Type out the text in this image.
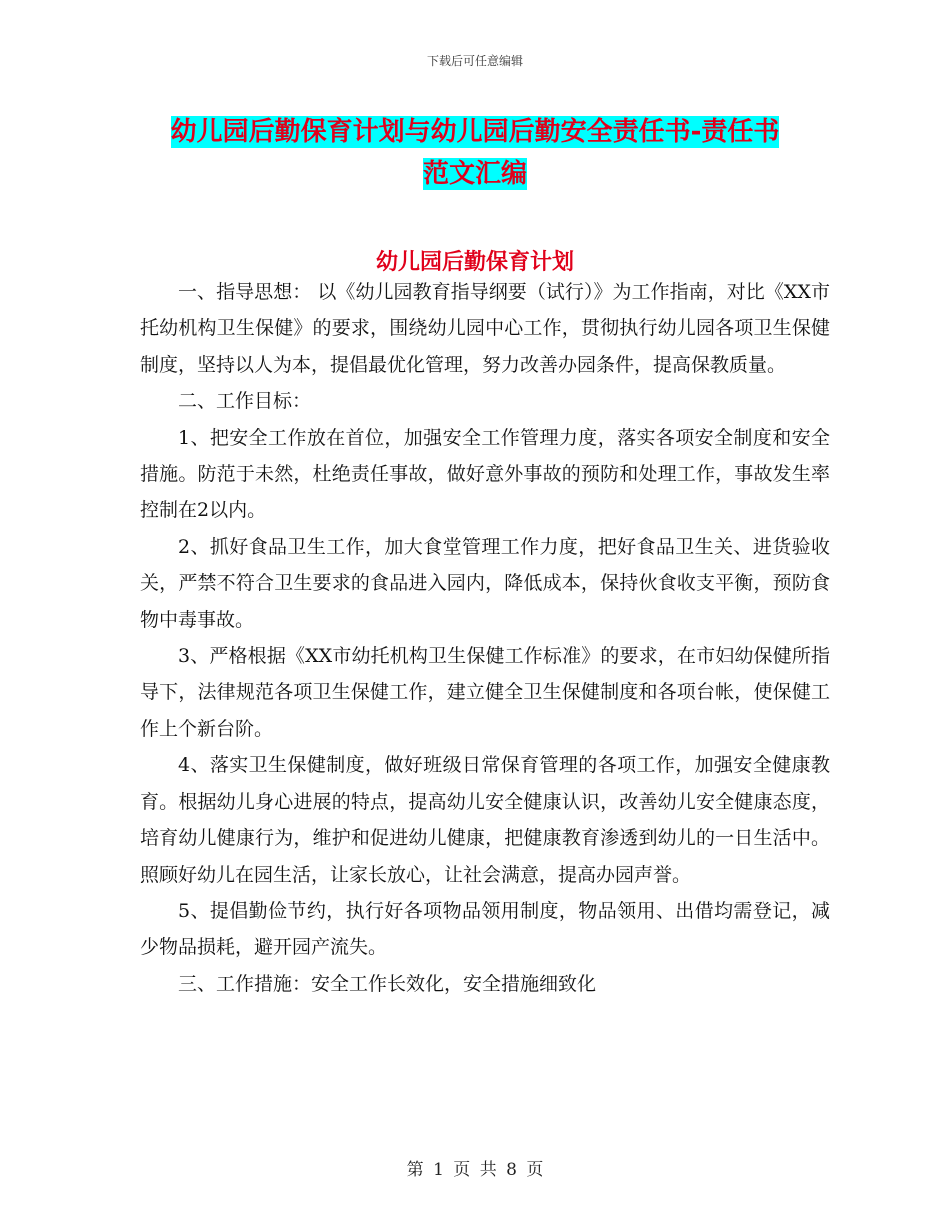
下载后可任意编辑
幼儿园后勤保育计划与幼儿园后勤安全责任书-责任书
范文汇编
幼儿园后勤保育计划

一、指导思想： 以《幼儿园教育指导纲要（试行）》为工作指南，对比《XX市托幼机构卫生保健》的要求，围绕幼儿园中心工作，贯彻执行幼儿园各项卫生保健制度，坚持以人为本，提倡最优化管理，努力改善办园条件，提高保教质量。

二、工作目标：

1、把安全工作放在首位，加强安全工作管理力度，落实各项安全制度和安全措施。防范于未然，杜绝责任事故，做好意外事故的预防和处理工作，事故发生率控制在2以内。

2、抓好食品卫生工作，加大食堂管理工作力度，把好食品卫生关、进货验收关，严禁不符合卫生要求的食品进入园内，降低成本，保持伙食收支平衡，预防食物中毒事故。

3、严格根据《XX市幼托机构卫生保健工作标准》的要求，在市妇幼保健所指导下，法律规范各项卫生保健工作，建立健全卫生保健制度和各项台帐，使保健工作上个新台阶。

4、落实卫生保健制度，做好班级日常保育管理的各项工作，加强安全健康教育。根据幼儿身心进展的特点，提高幼儿安全健康认识，改善幼儿安全健康态度，培育幼儿健康行为，维护和促进幼儿健康，把健康教育渗透到幼儿的一日生活中。照顾好幼儿在园生活，让家长放心，让社会满意，提高办园声誉。

5、提倡勤俭节约，执行好各项物品领用制度，物品领用、出借均需登记，减少物品损耗，避开园产流失。

三、工作措施：安全工作长效化，安全措施细致化

第 1 页 共 8 页
